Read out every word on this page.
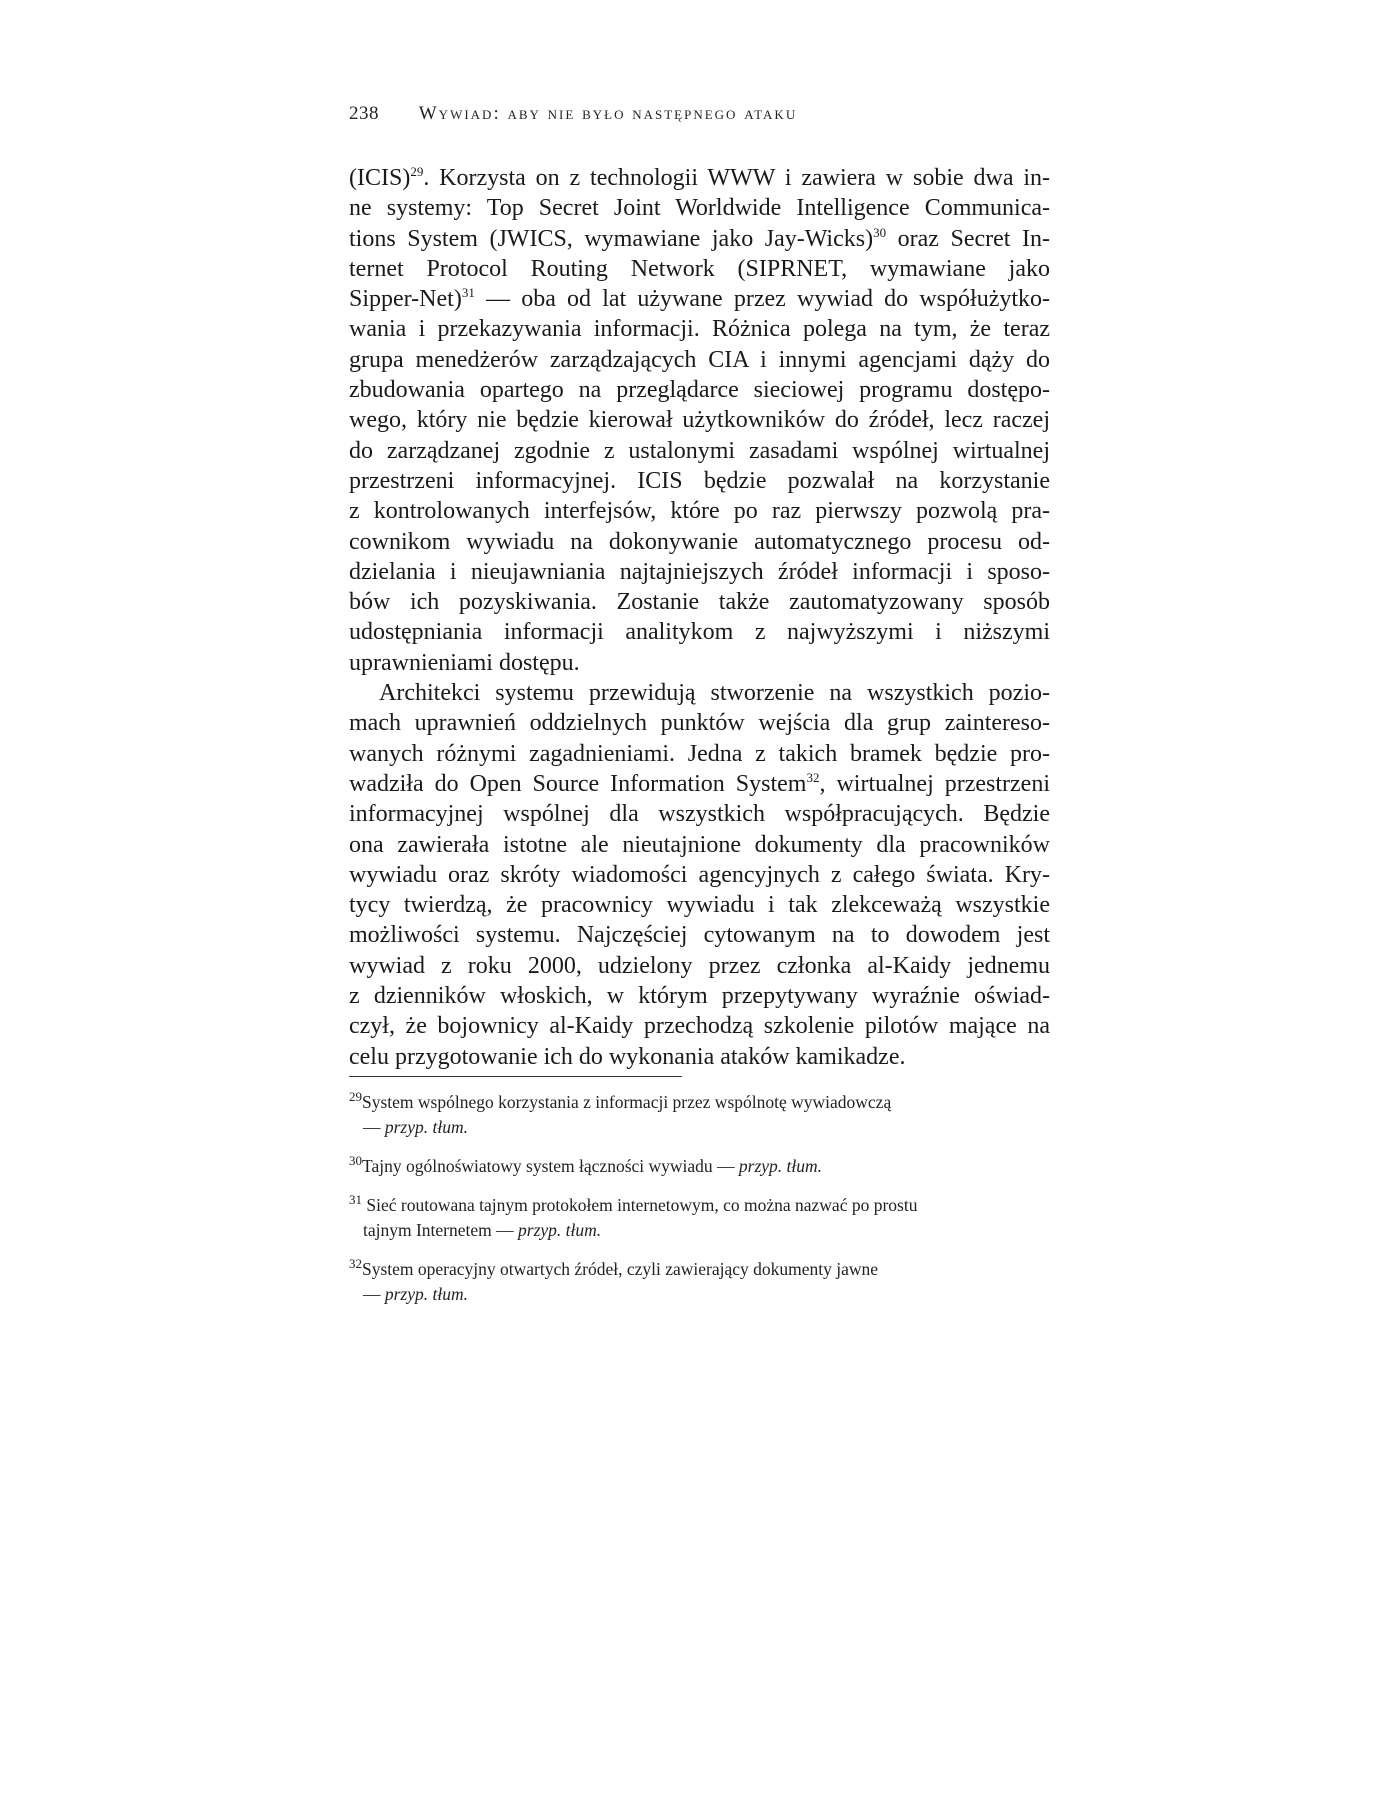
238 Wywiad: aby nie było następnego ataku
(ICIS)$^{29}$. Korzysta on z technologii WWW i zawiera w sobie dwa in-
ne systemy: Top Secret Joint Worldwide Intelligence Communica-
tions System (JWICS, wymawiane jako Jay-Wicks)$^{30}$ oraz Secret In-
ternet Protocol Routing Network (SIPRNET, wymawiane jako
Sipper-Net)$^{31}$ — oba od lat używane przez wywiad do współużytko-
wania i przekazywania informacji. Różnica polega na tym, że teraz
grupa menedżerów zarządzających CIA i innymi agencjami dąży do
zbudowania opartego na przeglądarce sieciowej programu dostępo-
wego, który nie będzie kierował użytkowników do źródeł, lecz raczej
do zarządzanej zgodnie z ustalonymi zasadami wspólnej wirtualnej
przestrzeni informacyjnej. ICIS będzie pozwalał na korzystanie
z kontrolowanych interfejsów, które po raz pierwszy pozwolą pra-
cownikom wywiadu na dokonywanie automatycznego procesu od-
dzielania i nieujawniania najtajniejszych źródeł informacji i sposo-
bów ich pozyskiwania. Zostanie także zautomatyzowany sposób
udostępniania informacji analitykom z najwyższymi i niższymi
uprawnieniami dostępu.
Architekci systemu przewidują stworzenie na wszystkich pozio-
mach uprawnień oddzielnych punktów wejścia dla grup zaintereso-
wanych różnymi zagadnieniami. Jedna z takich bramek będzie pro-
wadziła do Open Source Information System$^{32}$, wirtualnej przestrzeni
informacyjnej wspólnej dla wszystkich współpracujących. Będzie
ona zawierała istotne ale nieutajnione dokumenty dla pracowników
wywiadu oraz skróty wiadomości agencyjnych z całego świata. Kry-
tycy twierdzą, że pracownicy wywiadu i tak zlekceważą wszystkie
możliwości systemu. Najczęściej cytowanym na to dowodem jest
wywiad z roku 2000, udzielony przez członka al-Kaidy jednemu
z dzienników włoskich, w którym przepytywany wyraźnie oświad-
czył, że bojownicy al-Kaidy przechodzą szkolenie pilotów mające na
celu przygotowanie ich do wykonania ataków kamikadze.
$^{29}$System wspólnego korzystania z informacji przez wspólnotę wywiadowczą
— przyp. tłum.
$^{30}$Tajny ogólnoświatowy system łączności wywiadu — przyp. tłum.
$^{31}$ Sieć routowana tajnym protokołem internetowym, co można nazwać po prostu
tajnym Internetem — przyp. tłum.
$^{32}$System operacyjny otwartych źródeł, czyli zawierający dokumenty jawne
— przyp. tłum.
